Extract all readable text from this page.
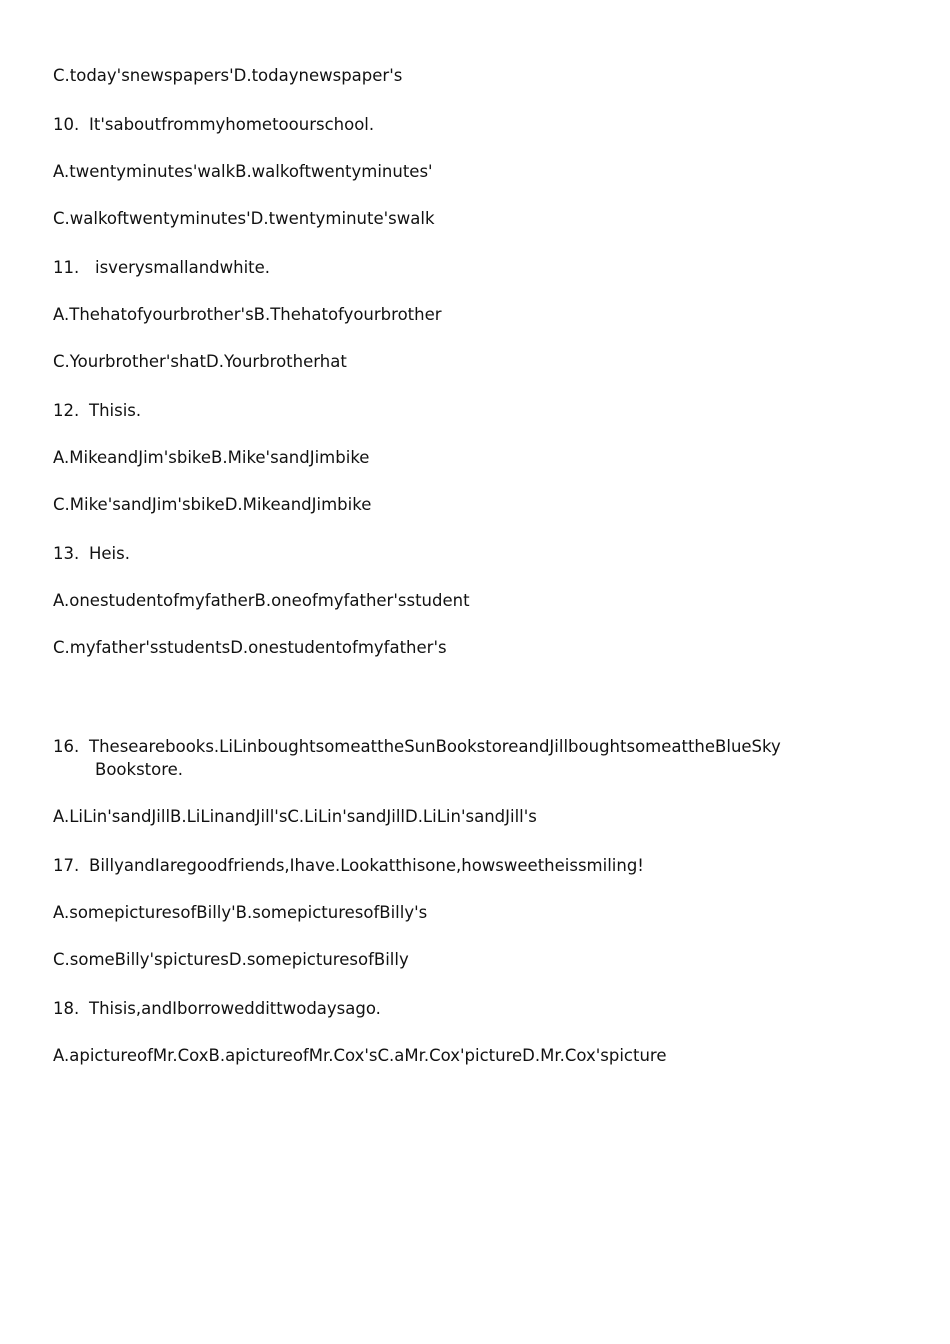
C.today'snewspapers'D.todaynewspaper's
10. It'saboutfrommyhometoourschool.
A.twentyminutes'walkB.walkoftwentyminutes'
C.walkoftwentyminutes'D.twentyminute'swalk
11. isverysmallandwhite.
A.Thehatofyourbrother'sB.Thehatofyourbrother
C.Yourbrother'shatD.Yourbrotherhat
12. Thisis.
A.MikeandJim'sbikeB.Mike'sandJimbike
C.Mike'sandJim'sbikeD.MikeandJimbike
13. Heis.
A.onestudentofmyfatherB.oneofmyfather'sstudent
C.myfather'sstudentsD.onestudentofmyfather's
16. Thesearebooks.LiLinboughtsomeattheSunBookstoreandJillboughtsomeattheBlueSky
Bookstore.
A.LiLin'sandJillB.LiLinandJill'sC.LiLin'sandJillD.LiLin'sandJill's
17. BillyandIaregoodfriends,Ihave.Lookatthisone,howsweetheissmiling!
A.somepicturesofBilly'B.somepicturesofBilly's
C.someBilly'spicturesD.somepicturesofBilly
18. Thisis,andIborroweddittwodaysago.
A.apictureofMr.CoxB.apictureofMr.Cox'sC.aMr.Cox'pictureD.Mr.Cox'spicture
